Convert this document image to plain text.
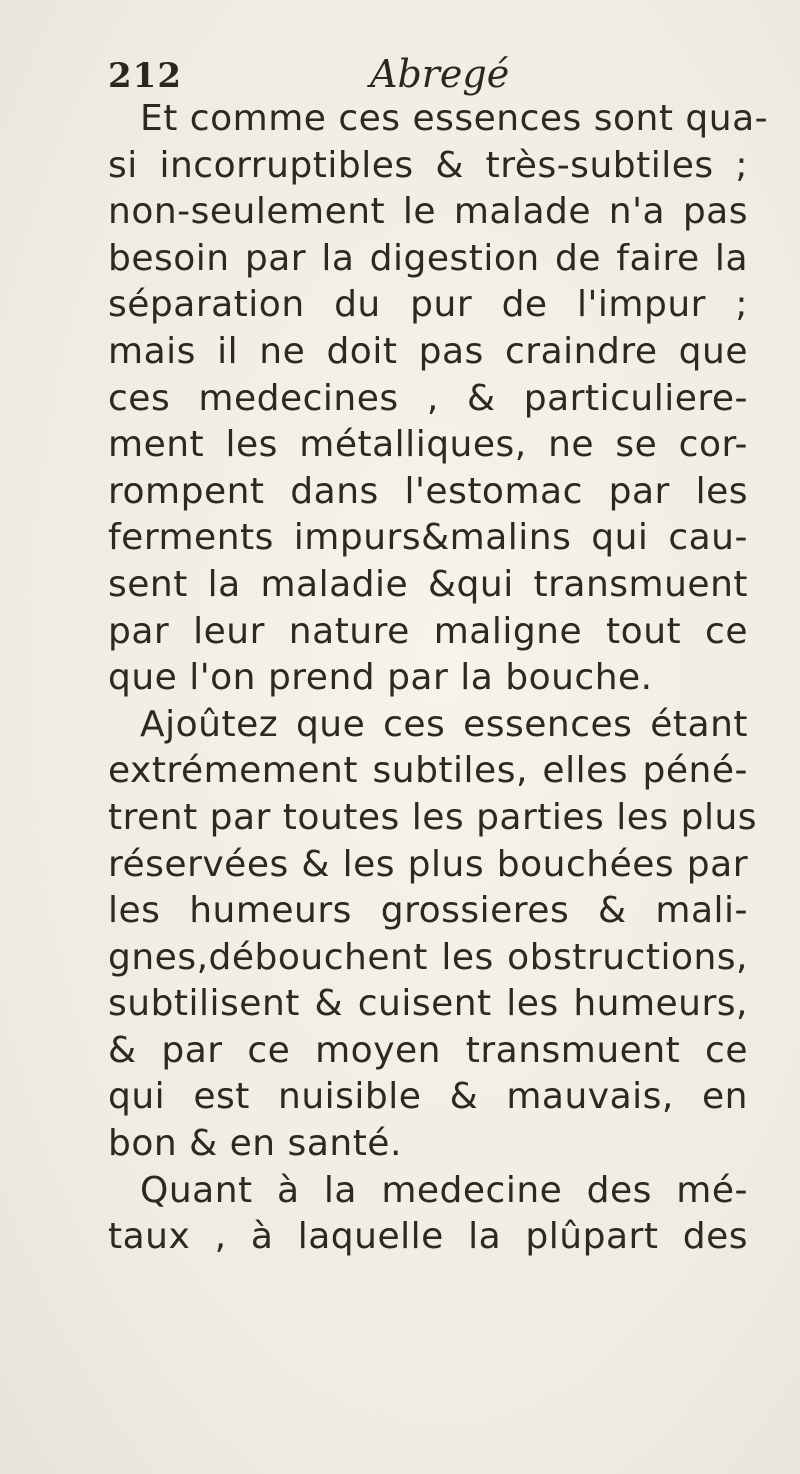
212	Abregé
Et comme ces essences sont qua-
si incorruptibles & très-subtiles ;
non-seulement le malade n'a pas
besoin par la digestion de faire la
séparation du pur de l'impur ;
mais il ne doit pas craindre que
ces medecines , & particuliere-
ment les métalliques, ne se cor-
rompent dans l'estomac par les
ferments impurs&malins qui cau-
sent la maladie &qui transmuent
par leur nature maligne tout ce
que l'on prend par la bouche.
Ajoûtez que ces essences étant
extrémement subtiles, elles péné-
trent par toutes les parties les plus
réservées & les plus bouchées par
les humeurs grossieres & mali-
gnes,débouchent les obstructions,
subtilisent & cuisent les humeurs,
& par ce moyen transmuent ce
qui est nuisible & mauvais, en
bon & en santé.
Quant à la medecine des mé-
taux , à laquelle la plûpart des
